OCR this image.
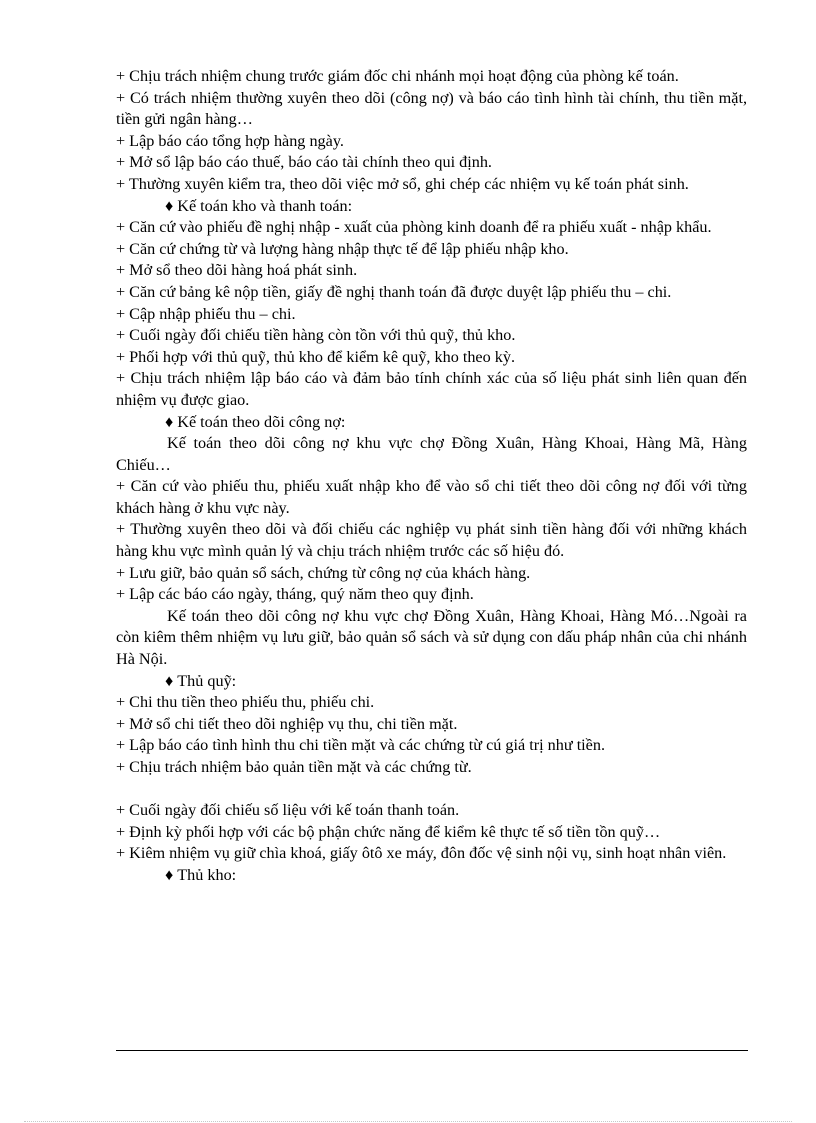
+ Chịu trách nhiệm chung trước giám đốc chi nhánh mọi hoạt động của phòng kế toán.

+ Có trách nhiệm thường xuyên theo dõi (công nợ) và báo cáo tình hình tài chính, thu tiền mặt, tiền gửi ngân hàng…

+ Lập báo cáo tổng hợp hàng ngày.

+ Mở sổ lập báo cáo thuế, báo cáo tài chính theo qui định.

+ Thường xuyên kiểm tra, theo dõi việc mở sổ, ghi chép các nhiệm vụ kế toán phát sinh.

♦ Kế toán kho và thanh toán:

+ Căn cứ vào phiếu đề nghị nhập - xuất của phòng kinh doanh để ra phiếu xuất - nhập khẩu.

+ Căn cứ chứng từ và lượng hàng nhập thực tế để lập phiếu nhập kho.

+ Mở sổ theo dõi hàng hoá phát sinh.

+ Căn cứ bảng kê nộp tiền, giấy đề nghị thanh toán đã được duyệt lập phiếu thu – chi.

+ Cập nhập phiếu thu – chi.

+ Cuối ngày đối chiếu tiền hàng còn tồn với thủ quỹ, thủ kho.

+ Phối hợp với thủ quỹ, thủ kho để kiểm kê quỹ, kho theo kỳ.

+ Chịu trách nhiệm lập báo cáo và đảm bảo tính chính xác của số liệu phát sinh liên quan đến nhiệm vụ được giao.

♦ Kế toán theo dõi công nợ:

Kế toán theo dõi công nợ khu vực chợ Đồng Xuân, Hàng Khoai, Hàng Mã, Hàng Chiếu…

+ Căn cứ vào phiếu thu, phiếu xuất nhập kho để vào sổ chi tiết theo dõi công nợ đối với từng khách hàng ở khu vực này.

+ Thường xuyên theo dõi và đối chiếu các nghiệp vụ phát sinh tiền hàng đối với những khách hàng khu vực mình quản lý và chịu trách nhiệm trước các số hiệu đó.

+ Lưu giữ, bảo quản sổ sách, chứng từ công nợ của khách hàng.

+ Lập các báo cáo ngày, tháng, quý năm theo quy định.

Kế toán theo dõi công nợ khu vực chợ Đồng Xuân, Hàng Khoai, Hàng Mó…Ngoài ra còn kiêm thêm nhiệm vụ lưu giữ, bảo quản sổ sách và sử dụng con dấu pháp nhân của chi nhánh Hà Nội.

♦ Thủ quỹ:

+ Chi thu tiền theo phiếu thu, phiếu chi.

+ Mở sổ chi tiết theo dõi nghiệp vụ thu, chi tiền mặt.

+ Lập báo cáo tình hình thu chi tiền mặt và các chứng từ cú giá trị như tiền.

+ Chịu trách nhiệm bảo quản tiền mặt và các chứng từ.

+ Cuối ngày đối chiếu số liệu với kế toán thanh toán.

+ Định kỳ phối hợp với các bộ phận chức năng để kiểm kê thực tế số tiền tồn quỹ…

+ Kiêm nhiệm vụ giữ chìa khoá, giấy ôtô xe máy, đôn đốc vệ sinh nội vụ, sinh hoạt nhân viên.

♦ Thủ kho:
